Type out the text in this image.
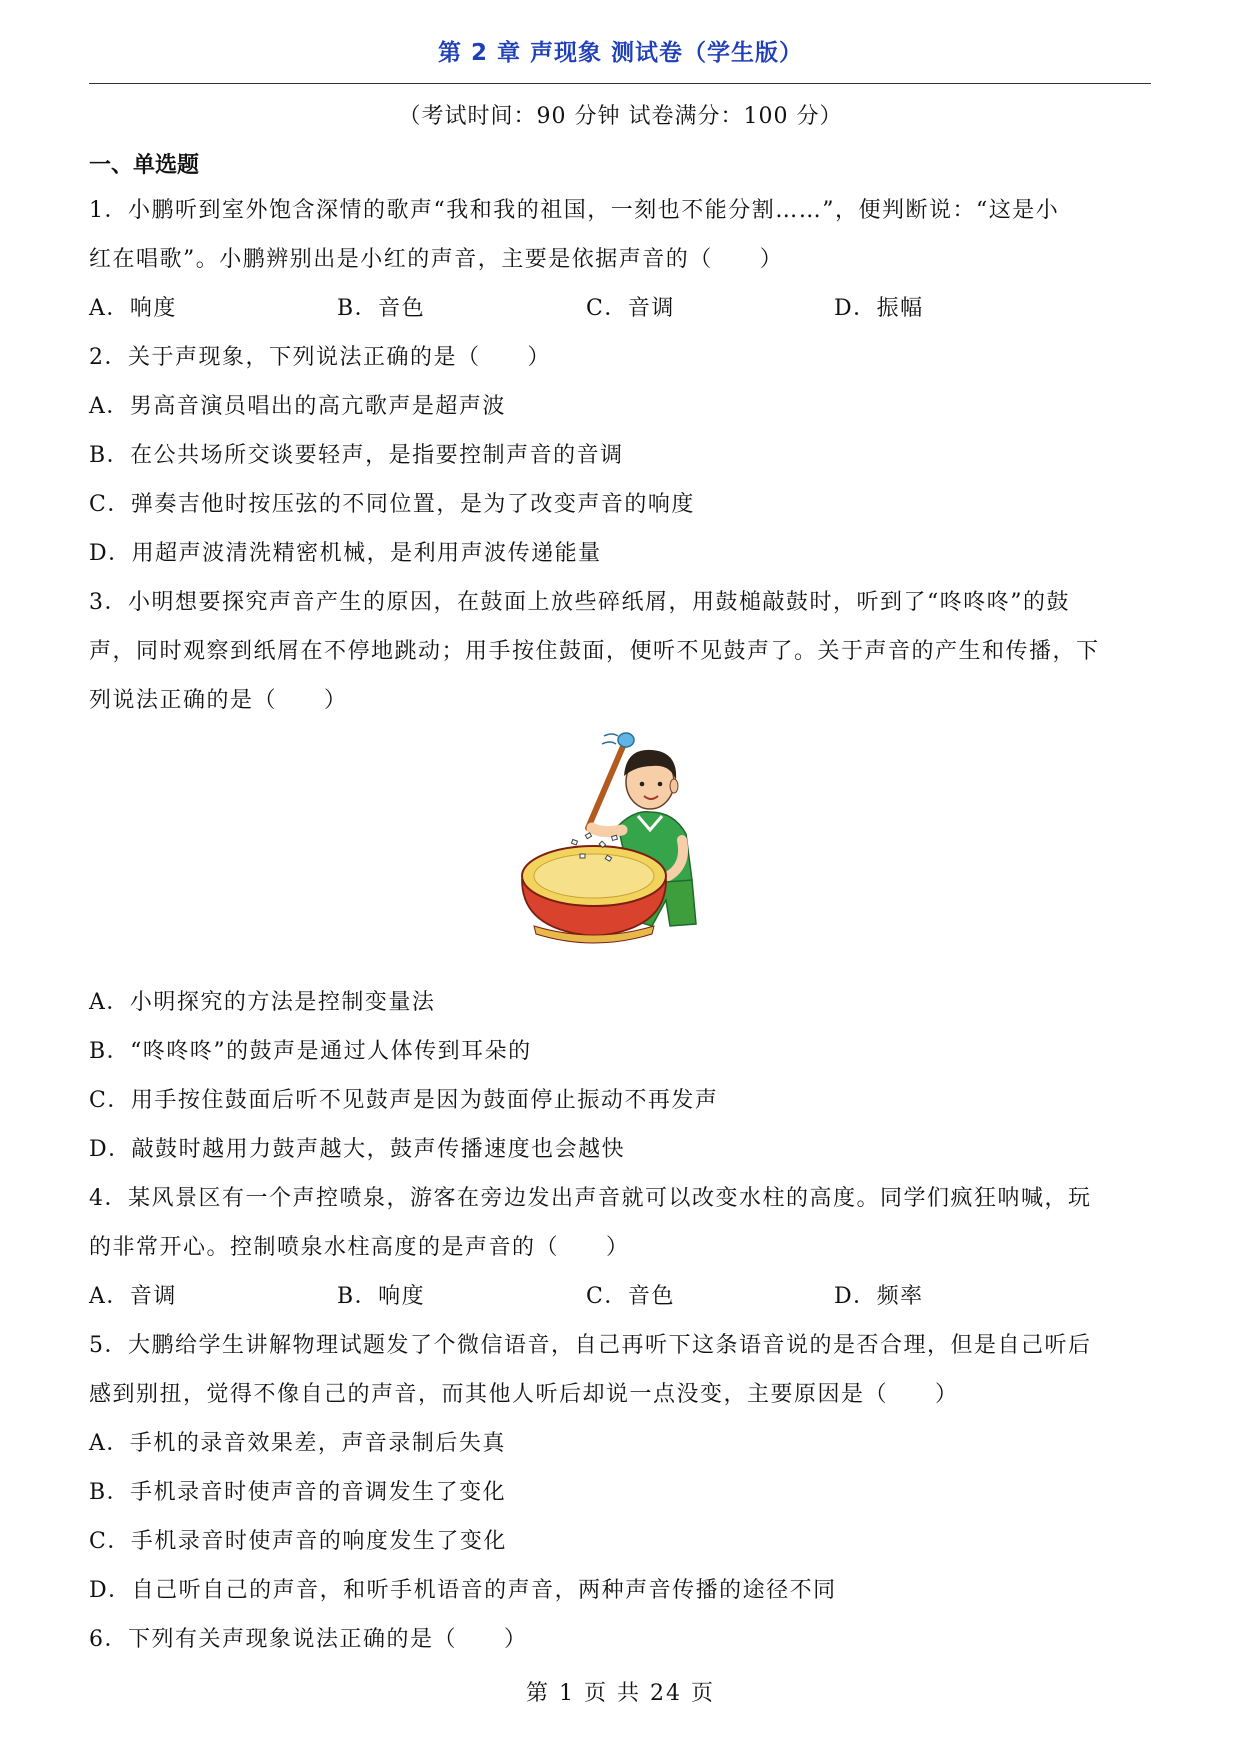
第 2 章 声现象 测试卷（学生版）
（考试时间：90 分钟 试卷满分：100 分）
一、单选题
1．小鹏听到室外饱含深情的歌声“我和我的祖国，一刻也不能分割……”，便判断说：“这是小
红在唱歌”。小鹏辨别出是小红的声音，主要是依据声音的（　　）
A．响度	B．音色	C．音调	D．振幅
2．关于声现象，下列说法正确的是（　　）
A．男高音演员唱出的高亢歌声是超声波
B．在公共场所交谈要轻声，是指要控制声音的音调
C．弹奏吉他时按压弦的不同位置，是为了改变声音的响度
D．用超声波清洗精密机械，是利用声波传递能量
3．小明想要探究声音产生的原因，在鼓面上放些碎纸屑，用鼓槌敲鼓时，听到了“咚咚咚”的鼓
声，同时观察到纸屑在不停地跳动；用手按住鼓面，便听不见鼓声了。关于声音的产生和传播，下
列说法正确的是（　　）
A．小明探究的方法是控制变量法
B．“咚咚咚”的鼓声是通过人体传到耳朵的
C．用手按住鼓面后听不见鼓声是因为鼓面停止振动不再发声
D．敲鼓时越用力鼓声越大，鼓声传播速度也会越快
4．某风景区有一个声控喷泉，游客在旁边发出声音就可以改变水柱的高度。同学们疯狂呐喊，玩
的非常开心。控制喷泉水柱高度的是声音的（　　）
A．音调	B．响度	C．音色	D．频率
5．大鹏给学生讲解物理试题发了个微信语音，自己再听下这条语音说的是否合理，但是自己听后
感到别扭，觉得不像自己的声音，而其他人听后却说一点没变，主要原因是（　　）
A．手机的录音效果差，声音录制后失真
B．手机录音时使声音的音调发生了变化
C．手机录音时使声音的响度发生了变化
D．自己听自己的声音，和听手机语音的声音，两种声音传播的途径不同
6．下列有关声现象说法正确的是（　　）
第 1 页 共 24 页
